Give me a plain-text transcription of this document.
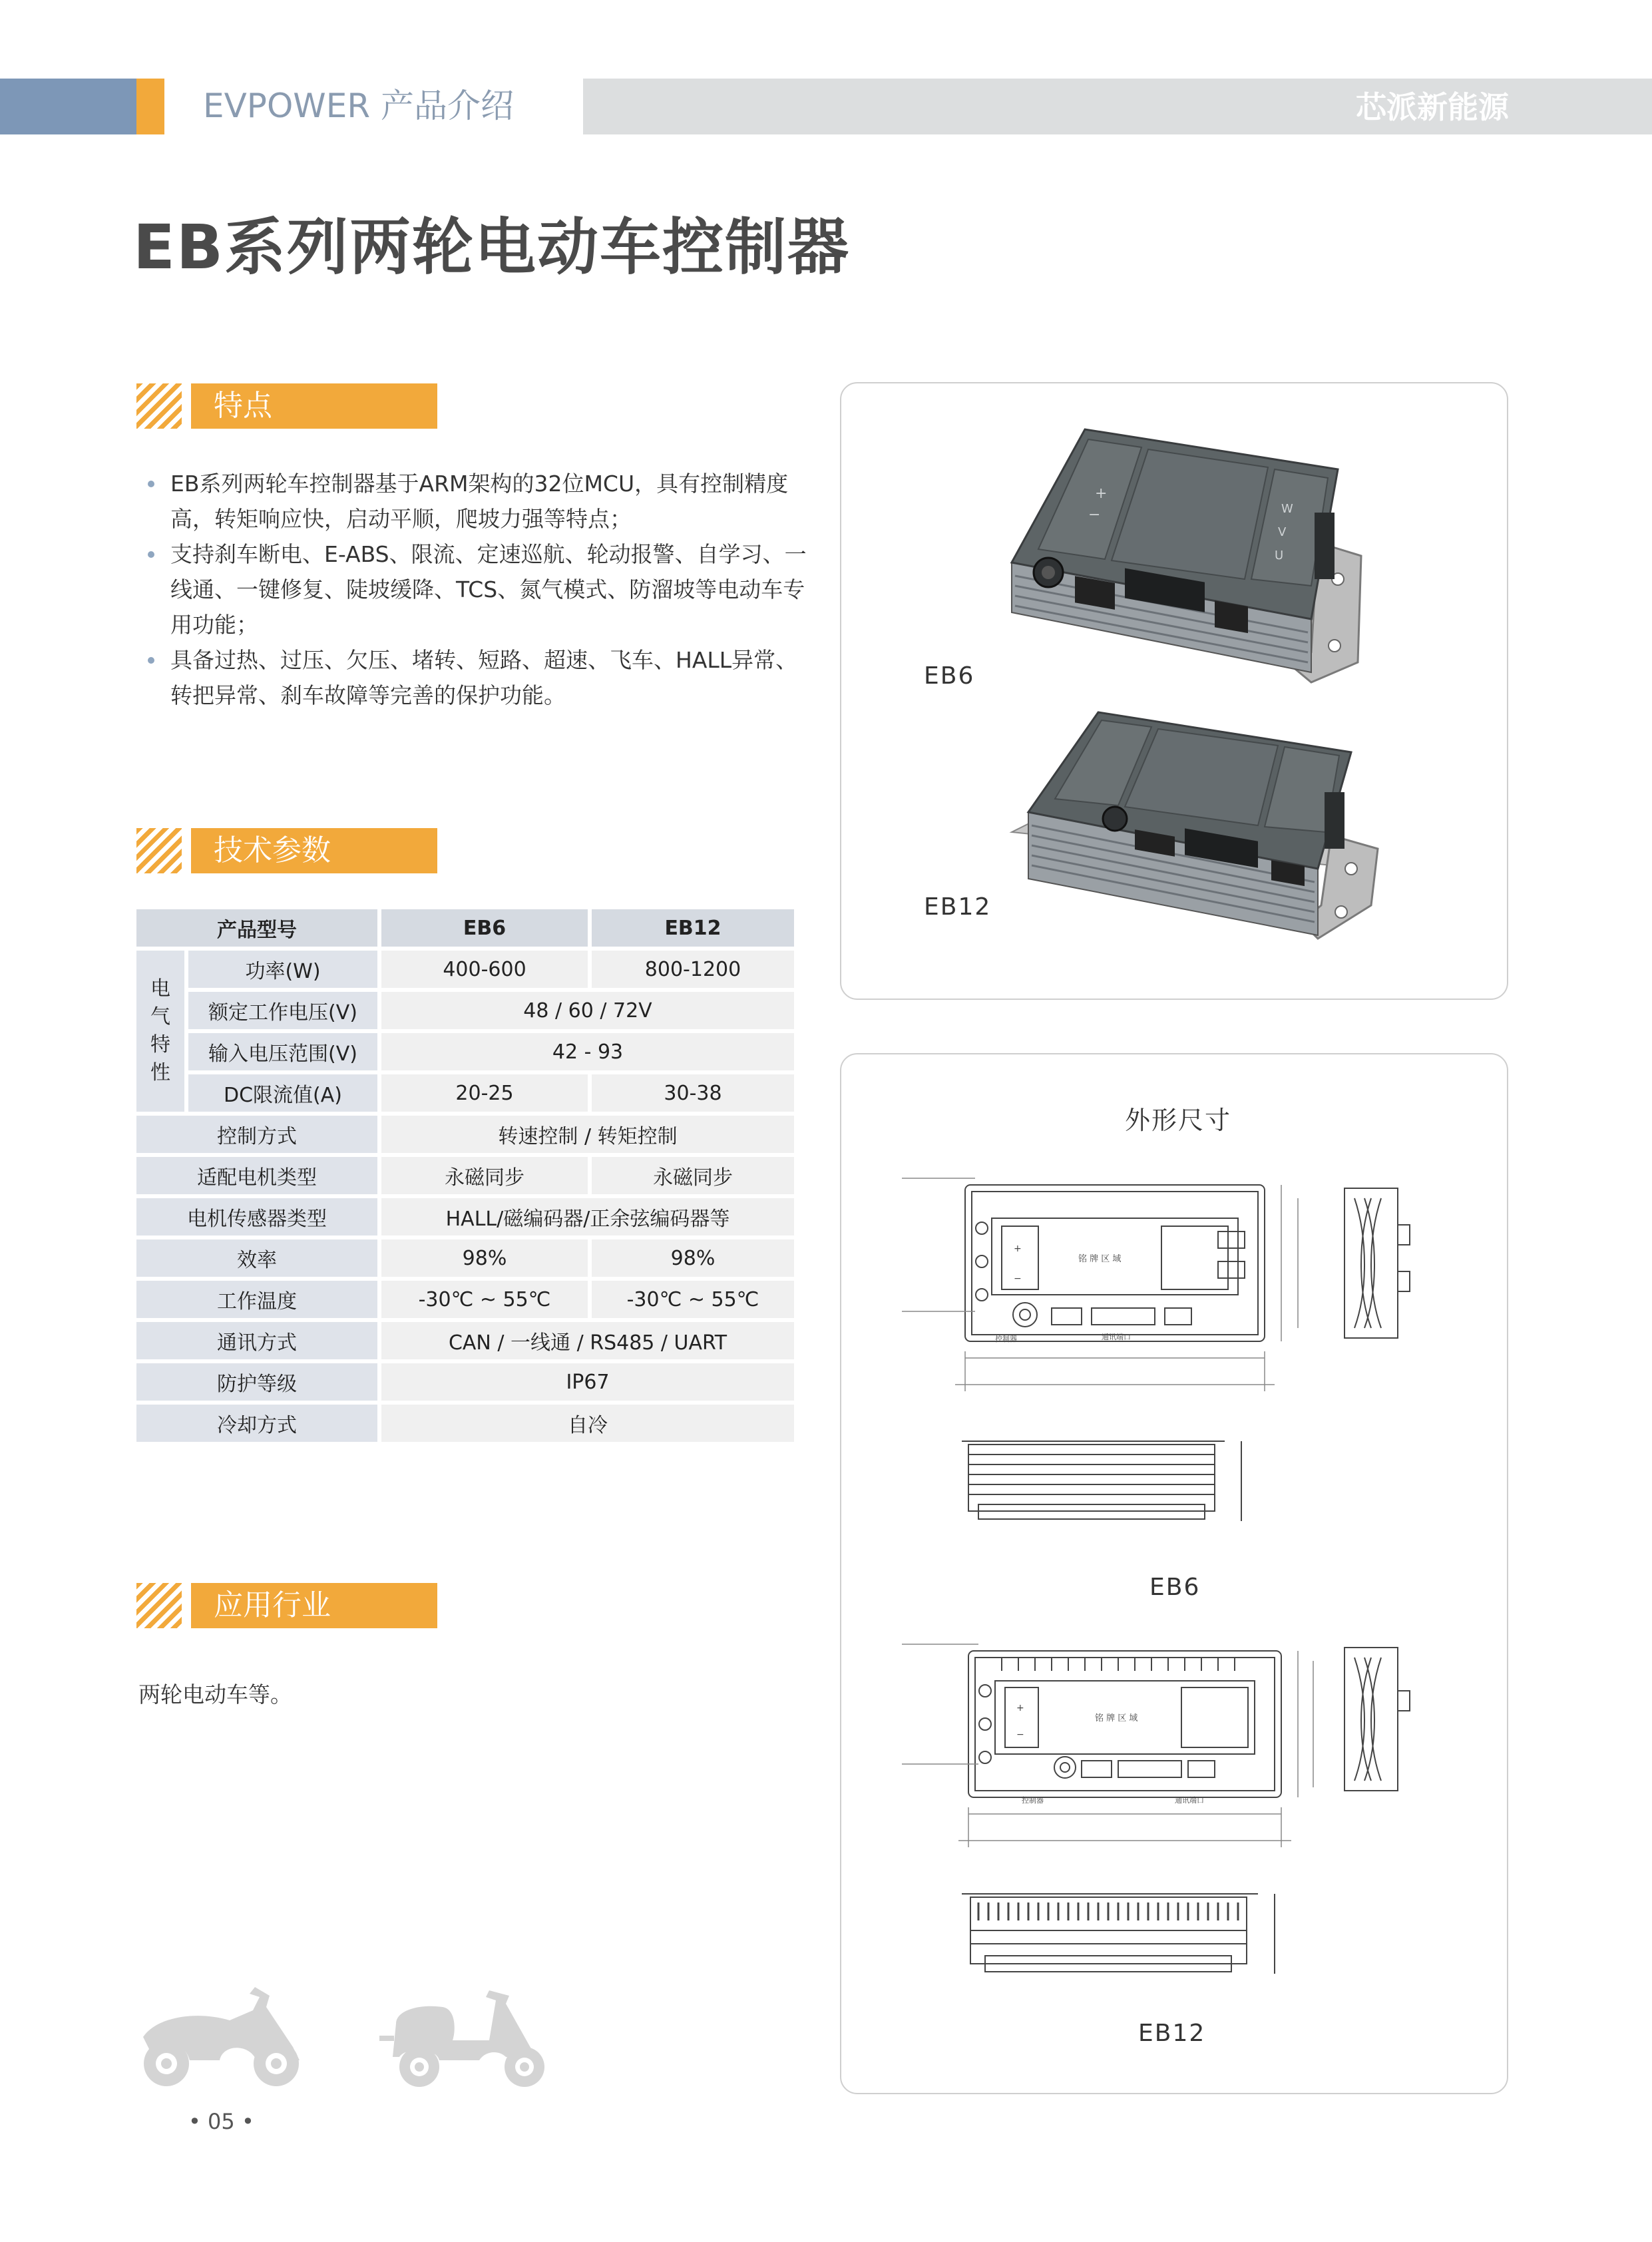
EVPOWER 产品介绍	芯派新能源
EB系列两轮电动车控制器
特点

EB系列两轮车控制器基于ARM架构的32位MCU，具有控制精度高，转矩响应快，启动平顺，爬坡力强等特点；

支持刹车断电、E-ABS、限流、定速巡航、轮动报警、自学习、一线通、一键修复、陡坡缓降、TCS、氮气模式、防溜坡等电动车专用功能；

具备过热、过压、欠压、堵转、短路、超速、飞车、HALL异常、转把异常、刹车故障等完善的保护功能。

技术参数
产品型号		EB6	EB12
电
气
特
性	功率(W)	400-600	800-1200
	额定工作电压(V)	48 / 60 / 72V	
	输入电压范围(V)	42 - 93	
	DC限流值(A)	20-25	30-38
控制方式		转速控制 / 转矩控制	
适配电机类型		永磁同步	永磁同步
电机传感器类型		HALL/磁编码器/正余弦编码器等	
效率		98%	98%
工作温度		-30℃ ~ 55℃	-30℃ ~ 55℃
通讯方式		CAN / 一线通 / RS485 / UART	
防护等级		IP67	
冷却方式		自冷	
应用行业
两轮电动车等。
+
−	W
V
U
EB6
EB12
外形尺寸
铭 牌 区 域
通讯端口
控制器
+
−
EB6
铭 牌 区 域
通讯端口
控制器
+
−
EB12
• 05 •
